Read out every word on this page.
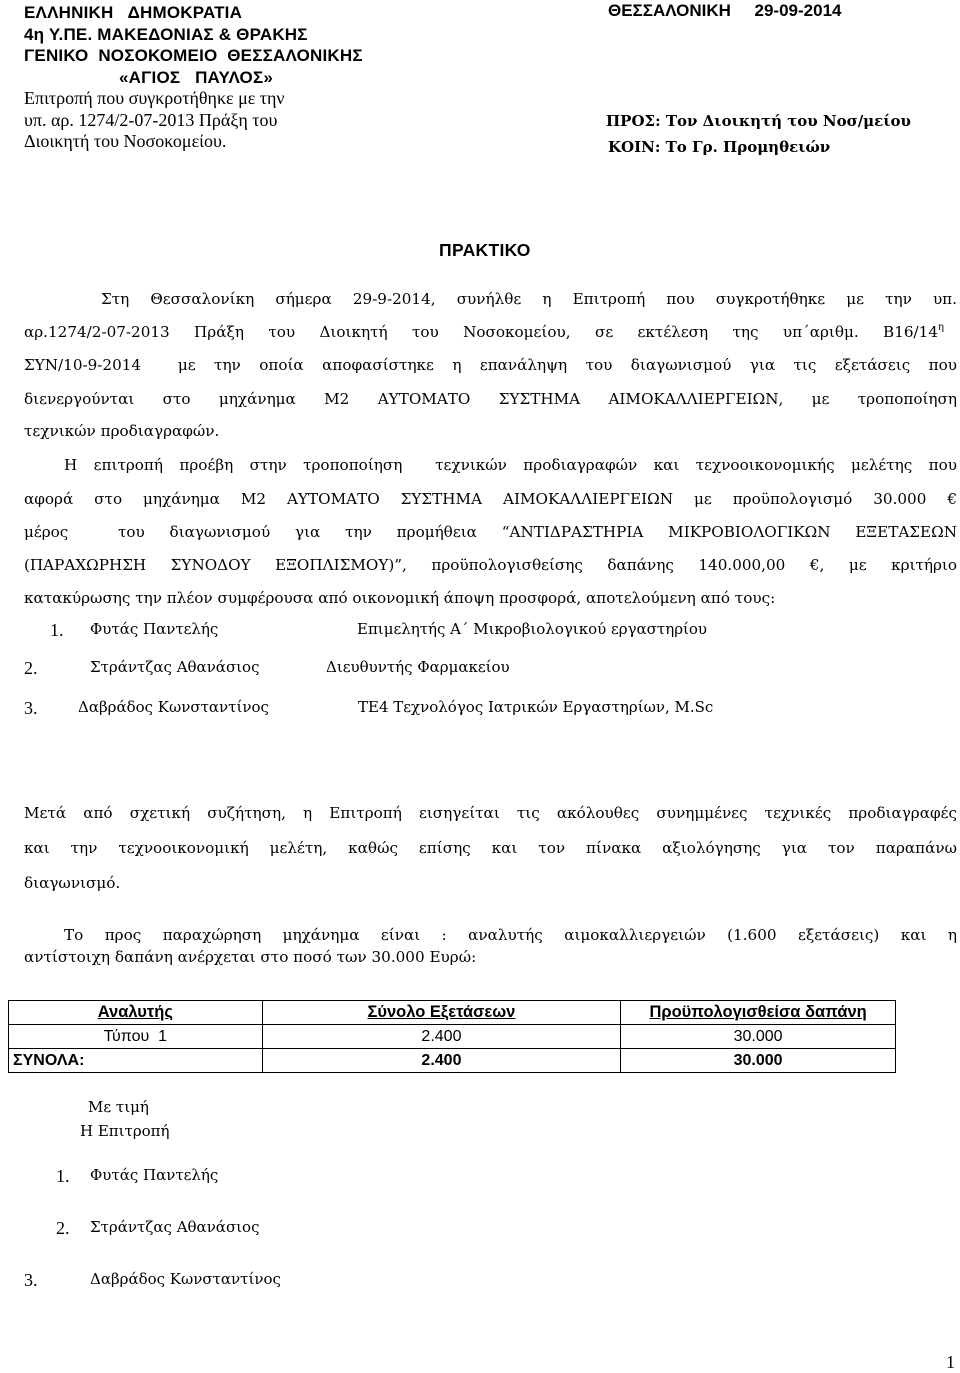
ΕΛΛΗΝΙΚΗ   ΔΗΜΟΚΡΑΤΙΑ
4η Υ.ΠΕ. ΜΑΚΕΔΟΝΙΑΣ & ΘΡΑΚΗΣ
ΓΕΝΙΚΟ  ΝΟΣΟΚΟΜΕΙΟ  ΘΕΣΣΑΛΟΝΙΚΗΣ
«ΑΓΙΟΣ   ΠΑΥΛΟΣ»
Επιτροπή που συγκροτήθηκε με την
υπ. αρ. 1274/2-07-2013 Πράξη του
Διοικητή του Νοσοκομείου.
ΘΕΣΣΑΛΟΝΙΚΗ     29-09-2014
ΠΡΟΣ: Τον Διοικητή του Νοσ/μείου
ΚΟΙΝ: Το Γρ. Προμηθειών
ΠΡΑΚΤΙΚΟ
Στη Θεσσαλονίκη σήμερα 29-9-2014, συνήλθε η Επιτροπή που συγκροτήθηκε με την υπ.
αρ.1274/2-07-2013 Πράξη του Διοικητή του Νοσοκομείου, σε εκτέλεση της υπ΄αριθμ. $B16/14^\eta$
ΣΥΝ/10-9-2014  με την οποία αποφασίστηκε η επανάληψη του διαγωνισμού για τις εξετάσεις που
διενεργούνται στο μηχάνημα Μ2 ΑΥΤΟΜΑΤΟ ΣΥΣΤΗΜΑ ΑΙΜΟΚΑΛΛΙΕΡΓΕΙΩΝ, με τροποποίηση
τεχνικών προδιαγραφών.
Η επιτροπή προέβη στην τροποποίηση  τεχνικών προδιαγραφών και τεχνοοικονομικής μελέτης που
αφορά στο μηχάνημα Μ2 ΑΥΤΟΜΑΤΟ ΣΥΣΤΗΜΑ ΑΙΜΟΚΑΛΛΙΕΡΓΕΙΩΝ με προϋπολογισμό 30.000 €
μέρος  του διαγωνισμού για την προμήθεια “ΑΝΤΙΔΡΑΣΤΗΡΙΑ ΜΙΚΡΟΒΙΟΛΟΓΙΚΩΝ ΕΞΕΤΑΣΕΩΝ
(ΠΑΡΑΧΩΡΗΣΗ ΣΥΝΟΔΟΥ ΕΞΟΠΛΙΣΜΟΥ)”, προϋπολογισθείσης δαπάνης 140.000,00 €, με κριτήριο
κατακύρωσης την πλέον συμφέρουσα από οικονομική άποψη προσφορά, αποτελούμενη από τους:
1. Φυτάς Παντελής	Επιμελητής Α΄ Μικροβιολογικού εργαστηρίου
2.	Στράντζας Αθανάσιος	Διευθυντής Φαρμακείου
3.	Δαβράδος Κωνσταντίνος	ΤΕ4 Τεχνολόγος Ιατρικών Εργαστηρίων, M.Sc
Μετά από σχετική συζήτηση, η Επιτροπή εισηγείται τις ακόλουθες συνημμένες τεχνικές προδιαγραφές
και την τεχνοοικονομική μελέτη, καθώς επίσης και τον πίνακα αξιολόγησης για τον παραπάνω
διαγωνισμό.
Το προς παραχώρηση μηχάνημα είναι : αναλυτής αιμοκαλλιεργειών (1.600 εξετάσεις) και η
αντίστοιχη δαπάνη ανέρχεται στο ποσό των 30.000 Ευρώ:
Αναλυτής	Σύνολο Εξετάσεων	Προϋπολογισθείσα δαπάνη
Τύπου  1	2.400	30.000
ΣΥΝΟΛΑ:	2.400	30.000
Με τιμή
Η Επιτροπή
1. Φυτάς Παντελής
2. Στράντζας Αθανάσιος
3.	Δαβράδος Κωνσταντίνος
1
